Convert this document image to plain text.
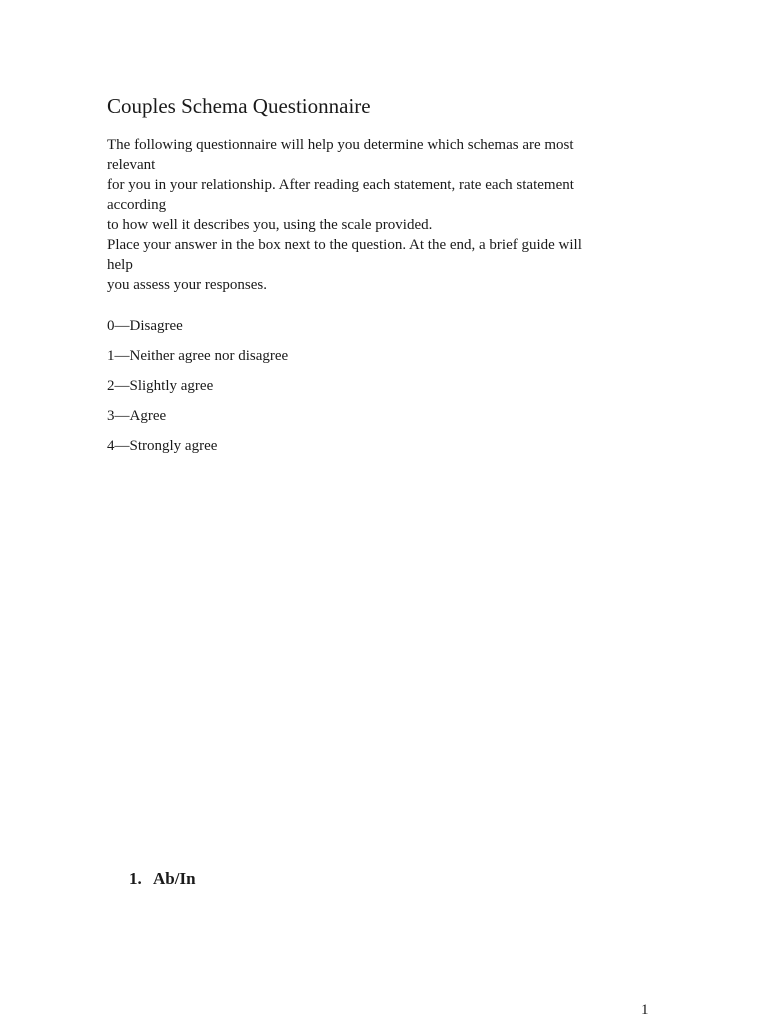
Couples Schema Questionnaire

The following questionnaire will help you determine which schemas are most
relevant
for you in your relationship. After reading each statement, rate each statement
according
to how well it describes you, using the scale provided.
Place your answer in the box next to the question. At the end, a brief guide will
help
you assess your responses.

0—Disagree
1—Neither agree nor disagree
2—Slightly agree
3—Agree
4—Strongly agree
1. Ab/In
1
